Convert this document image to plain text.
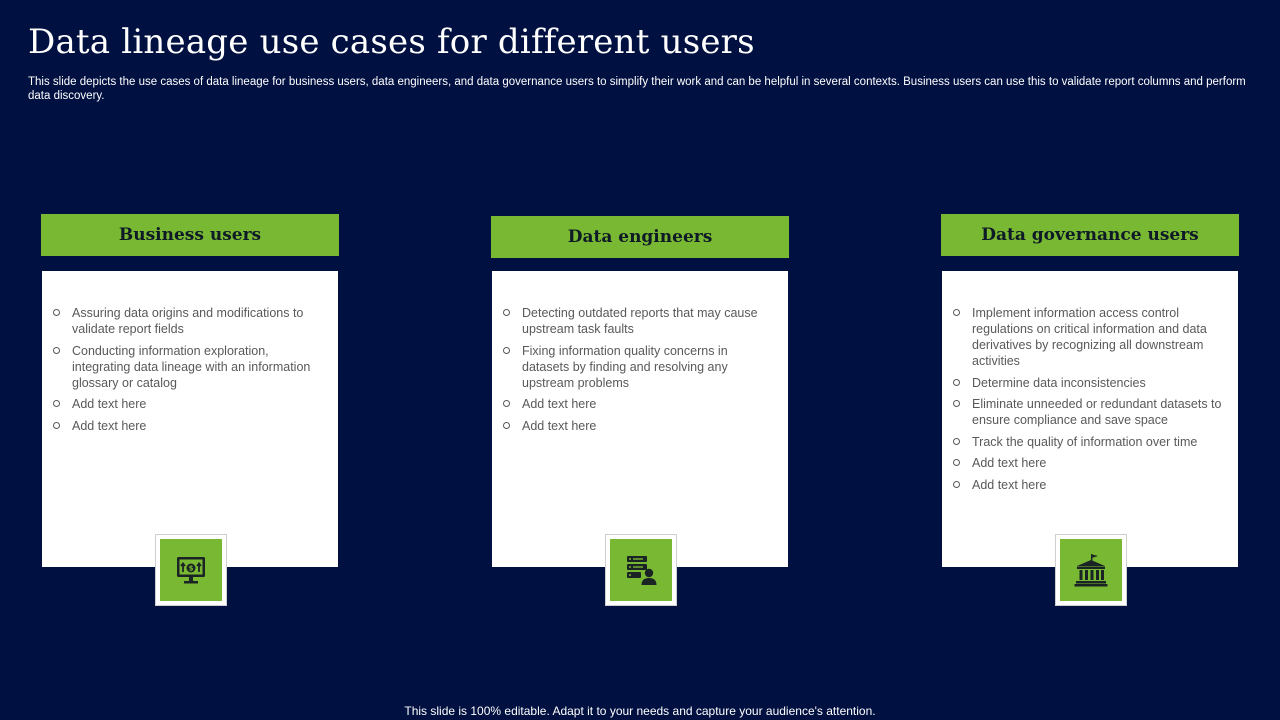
Data lineage use cases for different users

This slide depicts the use cases of data lineage for business users, data engineers, and data governance users to simplify their work and can be helpful in several contexts. Business users can use this to validate report columns and perform data discovery.

Business users
Assuring data origins and modifications to validate report fields
Conducting information exploration, integrating data lineage with an information glossary or catalog
Add text here
Add text here
$
Data engineers
Detecting outdated reports that may cause upstream task faults
Fixing information quality concerns in datasets by finding and resolving any upstream problems
Add text here
Add text here
Data governance users
Implement information access control regulations on critical information and data derivatives by recognizing all downstream activities
Determine data inconsistencies
Eliminate unneeded or redundant datasets to ensure compliance and save space
Track the quality of information over time
Add text here
Add text here
This slide is 100% editable. Adapt it to your needs and capture your audience's attention.
